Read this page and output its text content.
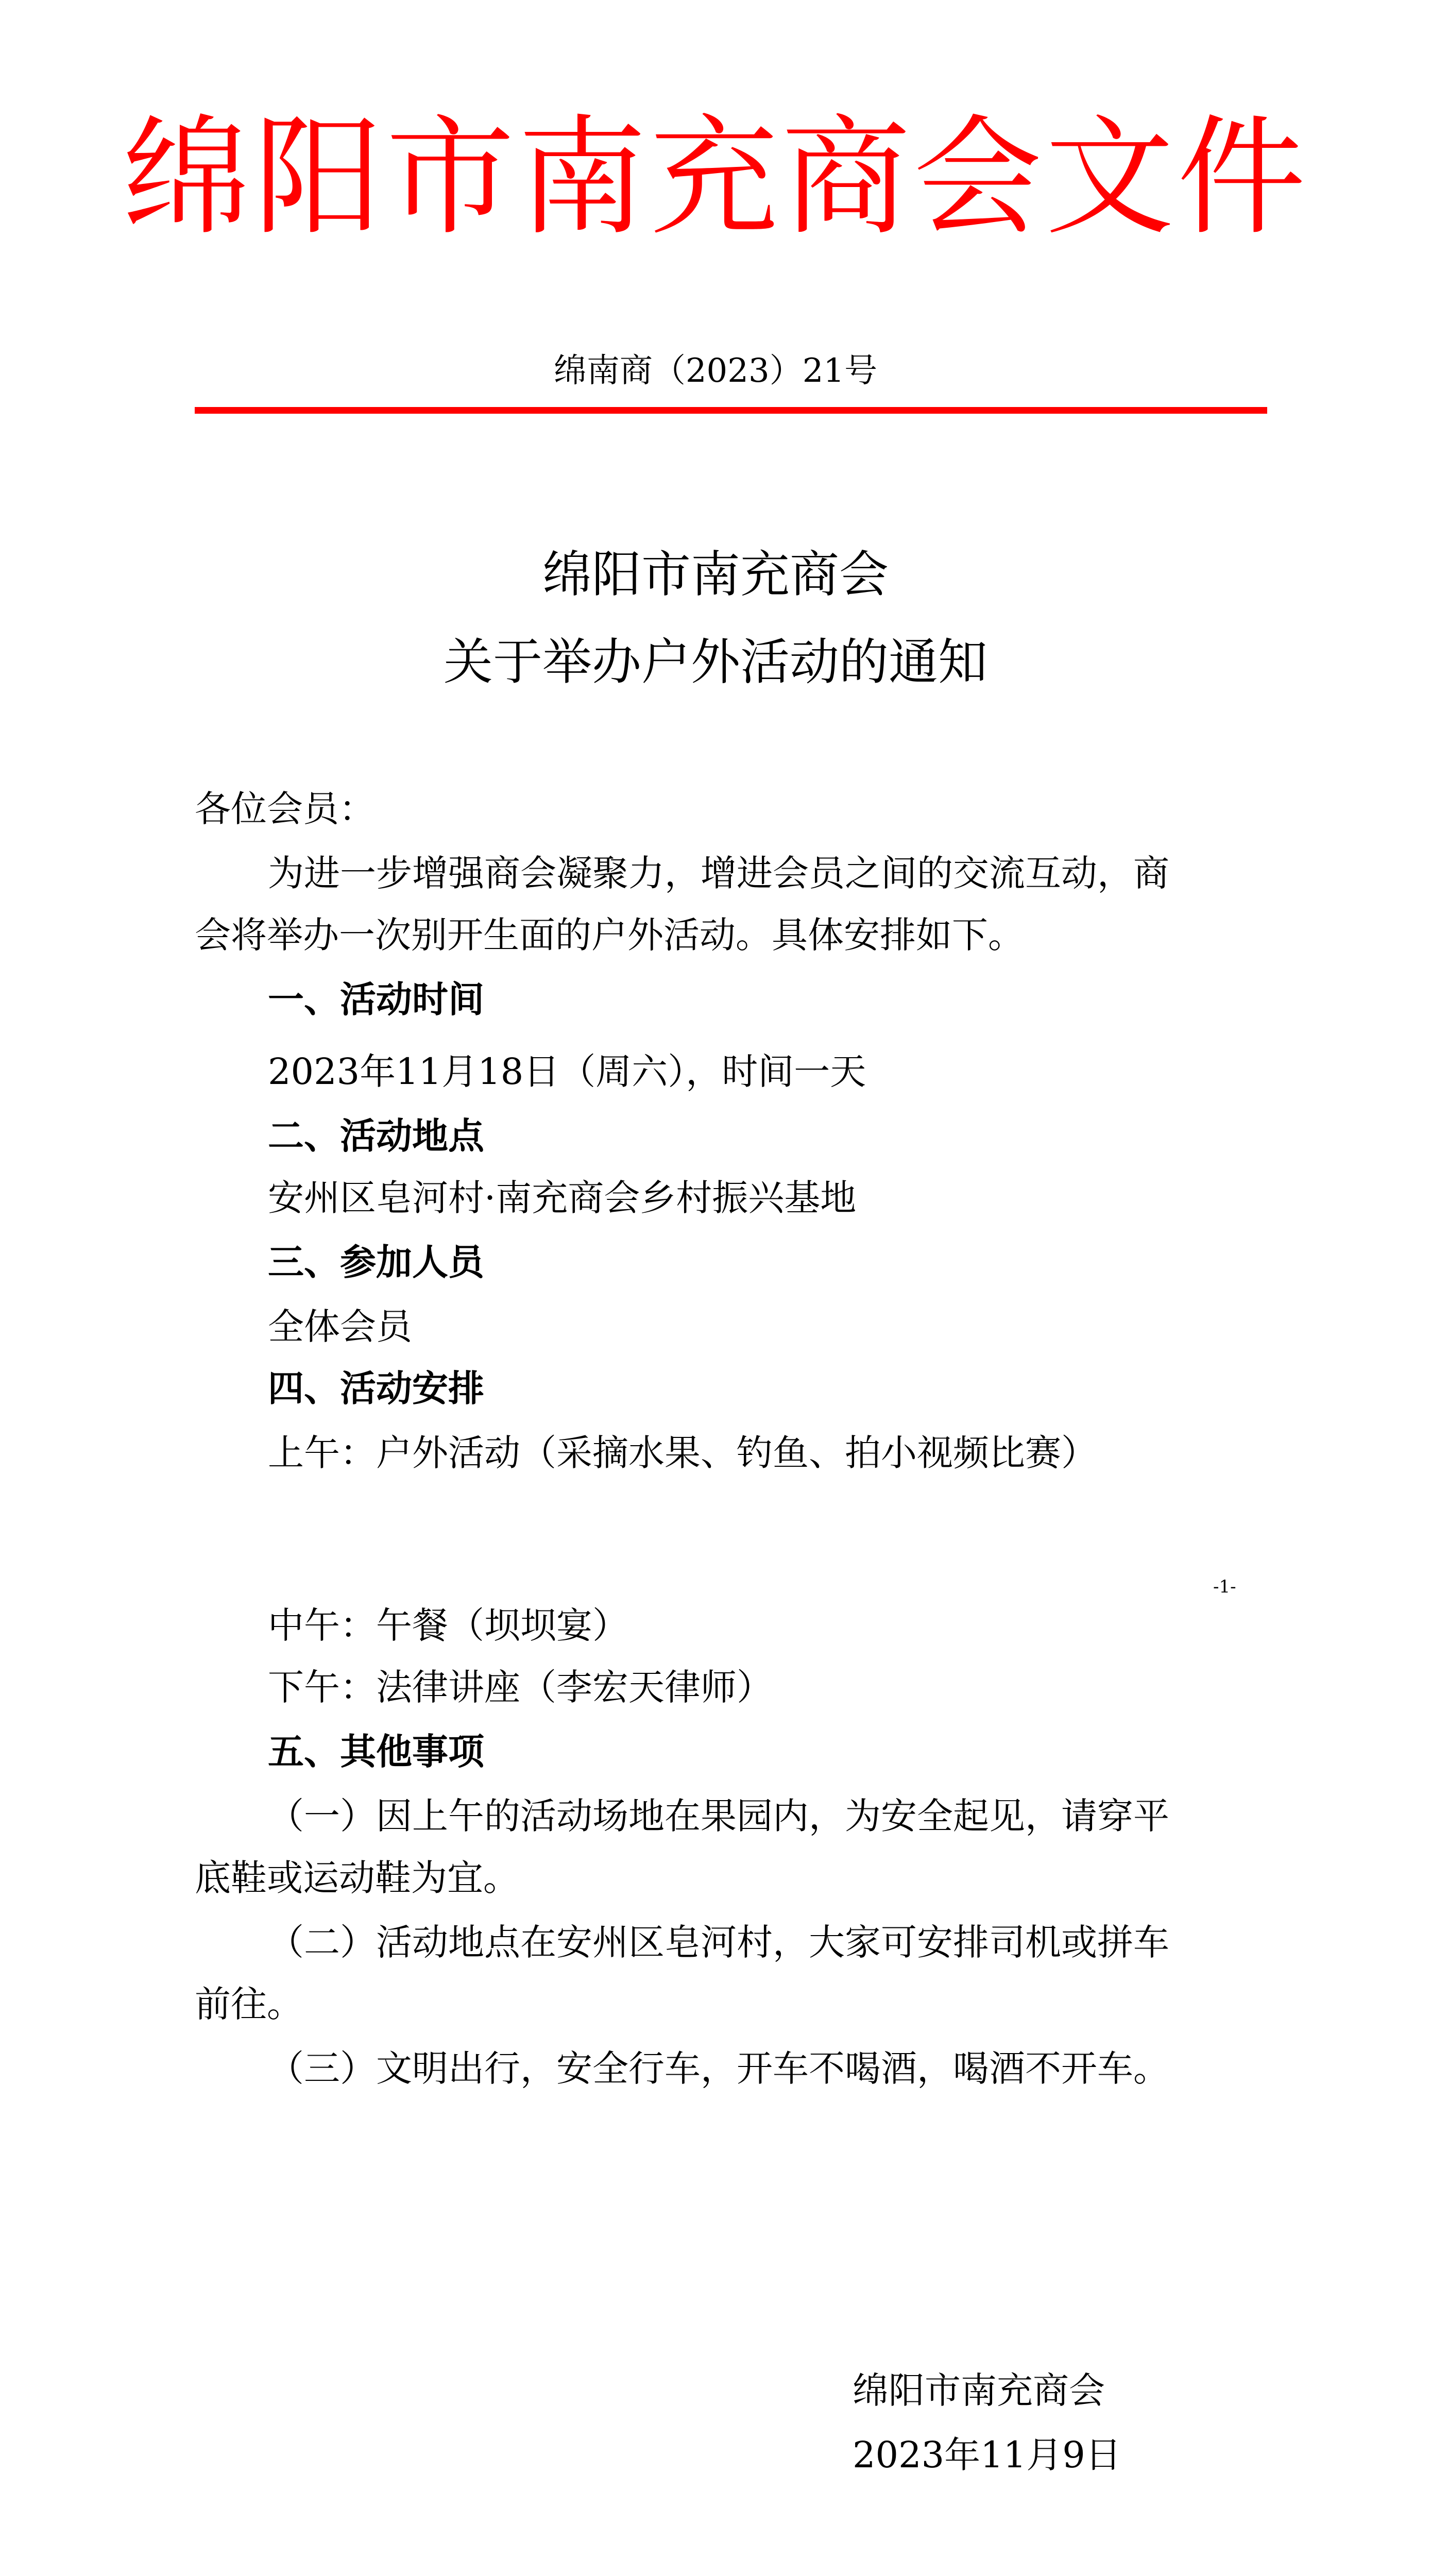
绵阳市南充商会文件
绵南商（2023）21号
绵阳市南充商会
关于举办户外活动的通知
各位会员：
为进一步增强商会凝聚力，增进会员之间的交流互动，商
会将举办一次别开生面的户外活动。具体安排如下。
一、活动时间
2023年11月18日（周六），时间一天
二、活动地点
安州区皂河村·南充商会乡村振兴基地
三、参加人员
全体会员
四、活动安排
上午：户外活动（采摘水果、钓鱼、拍小视频比赛）
-1-
中午：午餐（坝坝宴）
下午：法律讲座（李宏天律师）
五、其他事项
（一）因上午的活动场地在果园内，为安全起见，请穿平
底鞋或运动鞋为宜。
（二）活动地点在安州区皂河村，大家可安排司机或拼车
前往。
（三）文明出行，安全行车，开车不喝酒，喝酒不开车。
绵阳市南充商会
2023年11月9日
